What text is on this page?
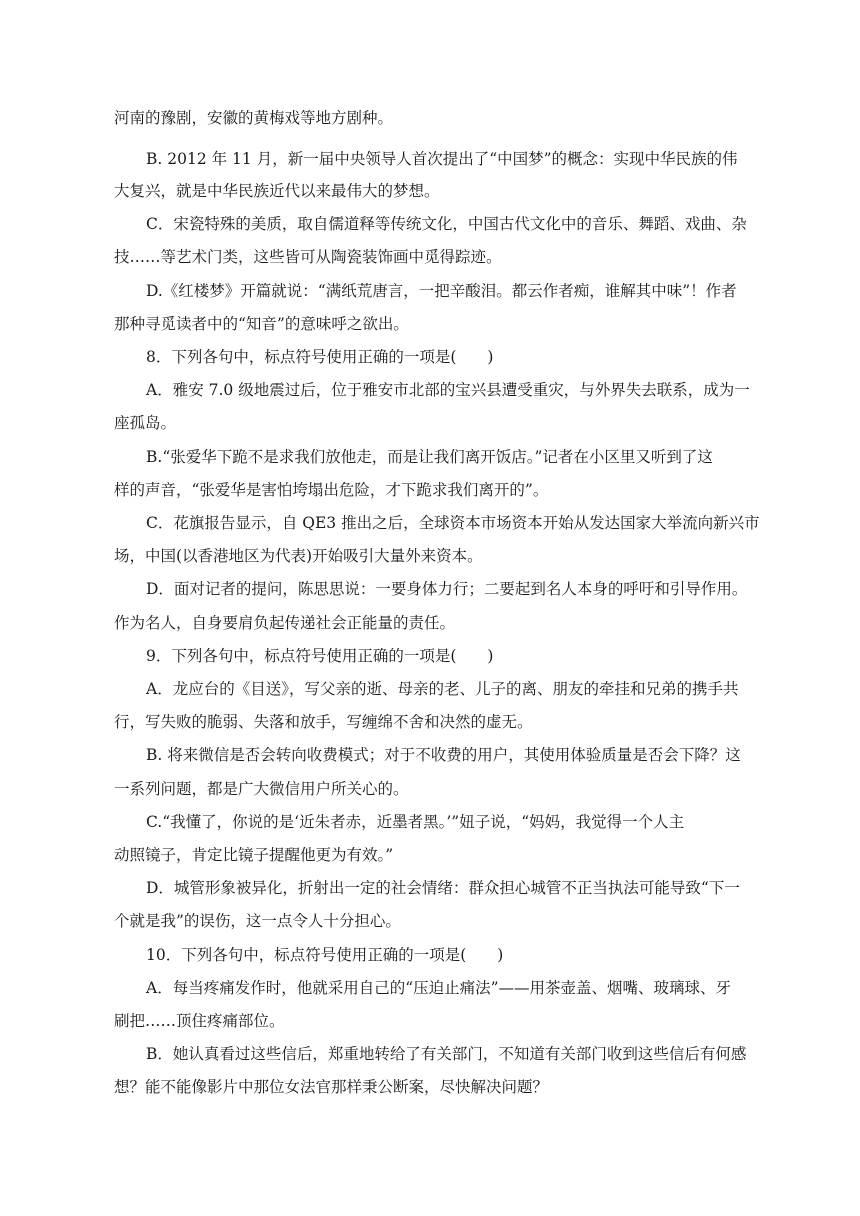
河南的豫剧，安徽的黄梅戏等地方剧种。
B. 2012 年 11 月，新一届中央领导人首次提出了“中国梦”的概念：实现中华民族的伟
大复兴，就是中华民族近代以来最伟大的梦想。
C．宋瓷特殊的美质，取自儒道释等传统文化，中国古代文化中的音乐、舞蹈、戏曲、杂
技……等艺术门类，这些皆可从陶瓷装饰画中觅得踪迹。
D.《红楼梦》开篇就说：“满纸荒唐言，一把辛酸泪。都云作者痴，谁解其中味”！作者
那种寻觅读者中的“知音”的意味呼之欲出。
8．下列各句中，标点符号使用正确的一项是(　　)
A．雅安 7.0 级地震过后，位于雅安市北部的宝兴县遭受重灾，与外界失去联系，成为一
座孤岛。
B.“张爱华下跪不是求我们放他走，而是让我们离开饭店。”记者在小区里又听到了这
样的声音，“张爱华是害怕垮塌出危险，才下跪求我们离开的”。
C．花旗报告显示，自 QE3 推出之后，全球资本市场资本开始从发达国家大举流向新兴市
场，中国(以香港地区为代表)开始吸引大量外来资本。
D．面对记者的提问，陈思思说：一要身体力行；二要起到名人本身的呼吁和引导作用。
作为名人，自身要肩负起传递社会正能量的责任。
9．下列各句中，标点符号使用正确的一项是(　　)
A．龙应台的《目送》，写父亲的逝、母亲的老、儿子的离、朋友的牵挂和兄弟的携手共
行，写失败的脆弱、失落和放手，写缠绵不舍和决然的虚无。
B. 将来微信是否会转向收费模式；对于不收费的用户，其使用体验质量是否会下降？这
一系列问题，都是广大微信用户所关心的。
C.“我懂了，你说的是‘近朱者赤，近墨者黑。’”妞子说，“妈妈，我觉得一个人主
动照镜子，肯定比镜子提醒他更为有效。”
D．城管形象被异化，折射出一定的社会情绪：群众担心城管不正当执法可能导致“下一
个就是我”的误伤，这一点令人十分担心。
10．下列各句中，标点符号使用正确的一项是(　　)
A．每当疼痛发作时，他就采用自己的“压迫止痛法”——用茶壶盖、烟嘴、玻璃球、牙
刷把……顶住疼痛部位。
B．她认真看过这些信后，郑重地转给了有关部门，不知道有关部门收到这些信后有何感
想？能不能像影片中那位女法官那样秉公断案，尽快解决问题？
